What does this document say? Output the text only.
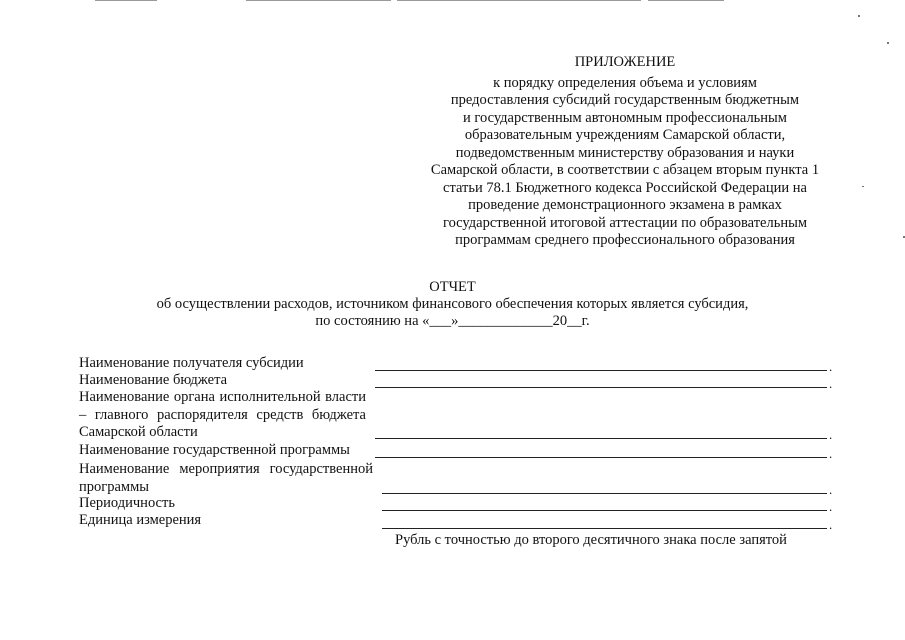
ПРИЛОЖЕНИЕ
к порядку определения объема и условиям
предоставления субсидий государственным бюджетным
и государственным автономным профессиональным
образовательным учреждениям Самарской области,
подведомственным министерству образования и науки
Самарской области, в соответствии с абзацем вторым пункта 1
статьи 78.1 Бюджетного кодекса Российской Федерации на
проведение демонстрационного экзамена в рамках
государственной итоговой аттестации по образовательным
программам среднего профессионального образования
ОТЧЕТ
об осуществлении расходов, источником финансового обеспечения которых является субсидия,
по состоянию на «___»_____________20__г.
Наименование получателя субсидии	.
Наименование бюджета	.
Наименование органа исполнительной власти – главного распорядителя средств бюджета Самарской области	.
Наименование государственной программы	.
Наименование мероприятия государственной программы	.
Периодичность	.
Единица измерения	.
Рубль с точностью до второго десятичного знака после запятой
